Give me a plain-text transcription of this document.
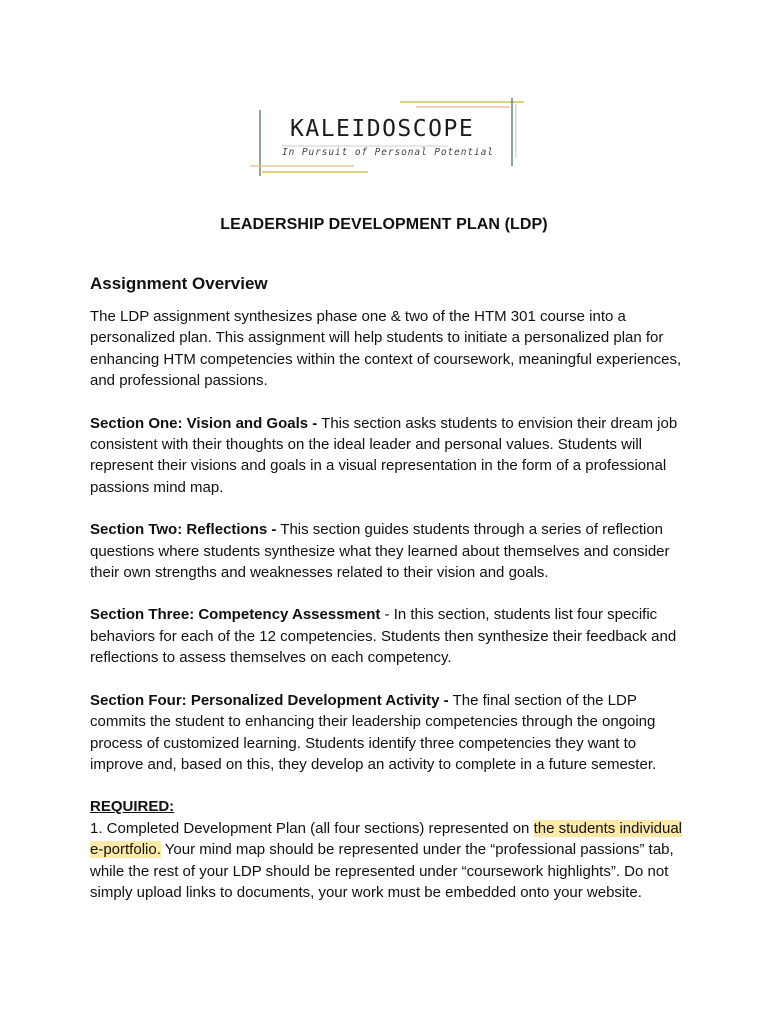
KALEIDOSCOPE
In Pursuit of Personal Potential
LEADERSHIP DEVELOPMENT PLAN (LDP)
Assignment Overview

The LDP assignment synthesizes phase one & two of the HTM 301 course into a personalized plan. This assignment will help students to initiate a personalized plan for enhancing HTM competencies within the context of coursework, meaningful experiences, and professional passions.

Section One: Vision and Goals - This section asks students to envision their dream job consistent with their thoughts on the ideal leader and personal values. Students will represent their visions and goals in a visual representation in the form of a professional passions mind map.

Section Two: Reflections - This section guides students through a series of reflection questions where students synthesize what they learned about themselves and consider their own strengths and weaknesses related to their vision and goals.

Section Three: Competency Assessment - In this section, students list four specific behaviors for each of the 12 competencies. Students then synthesize their feedback and reflections to assess themselves on each competency.

Section Four: Personalized Development Activity - The final section of the LDP commits the student to enhancing their leadership competencies through the ongoing process of customized learning. Students identify three competencies they want to improve and, based on this, they develop an activity to complete in a future semester.

REQUIRED:
1. Completed Development Plan (all four sections) represented on the students individual e-portfolio. Your mind map should be represented under the “professional passions” tab, while the rest of your LDP should be represented under “coursework highlights”. Do not simply upload links to documents, your work must be embedded onto your website.
